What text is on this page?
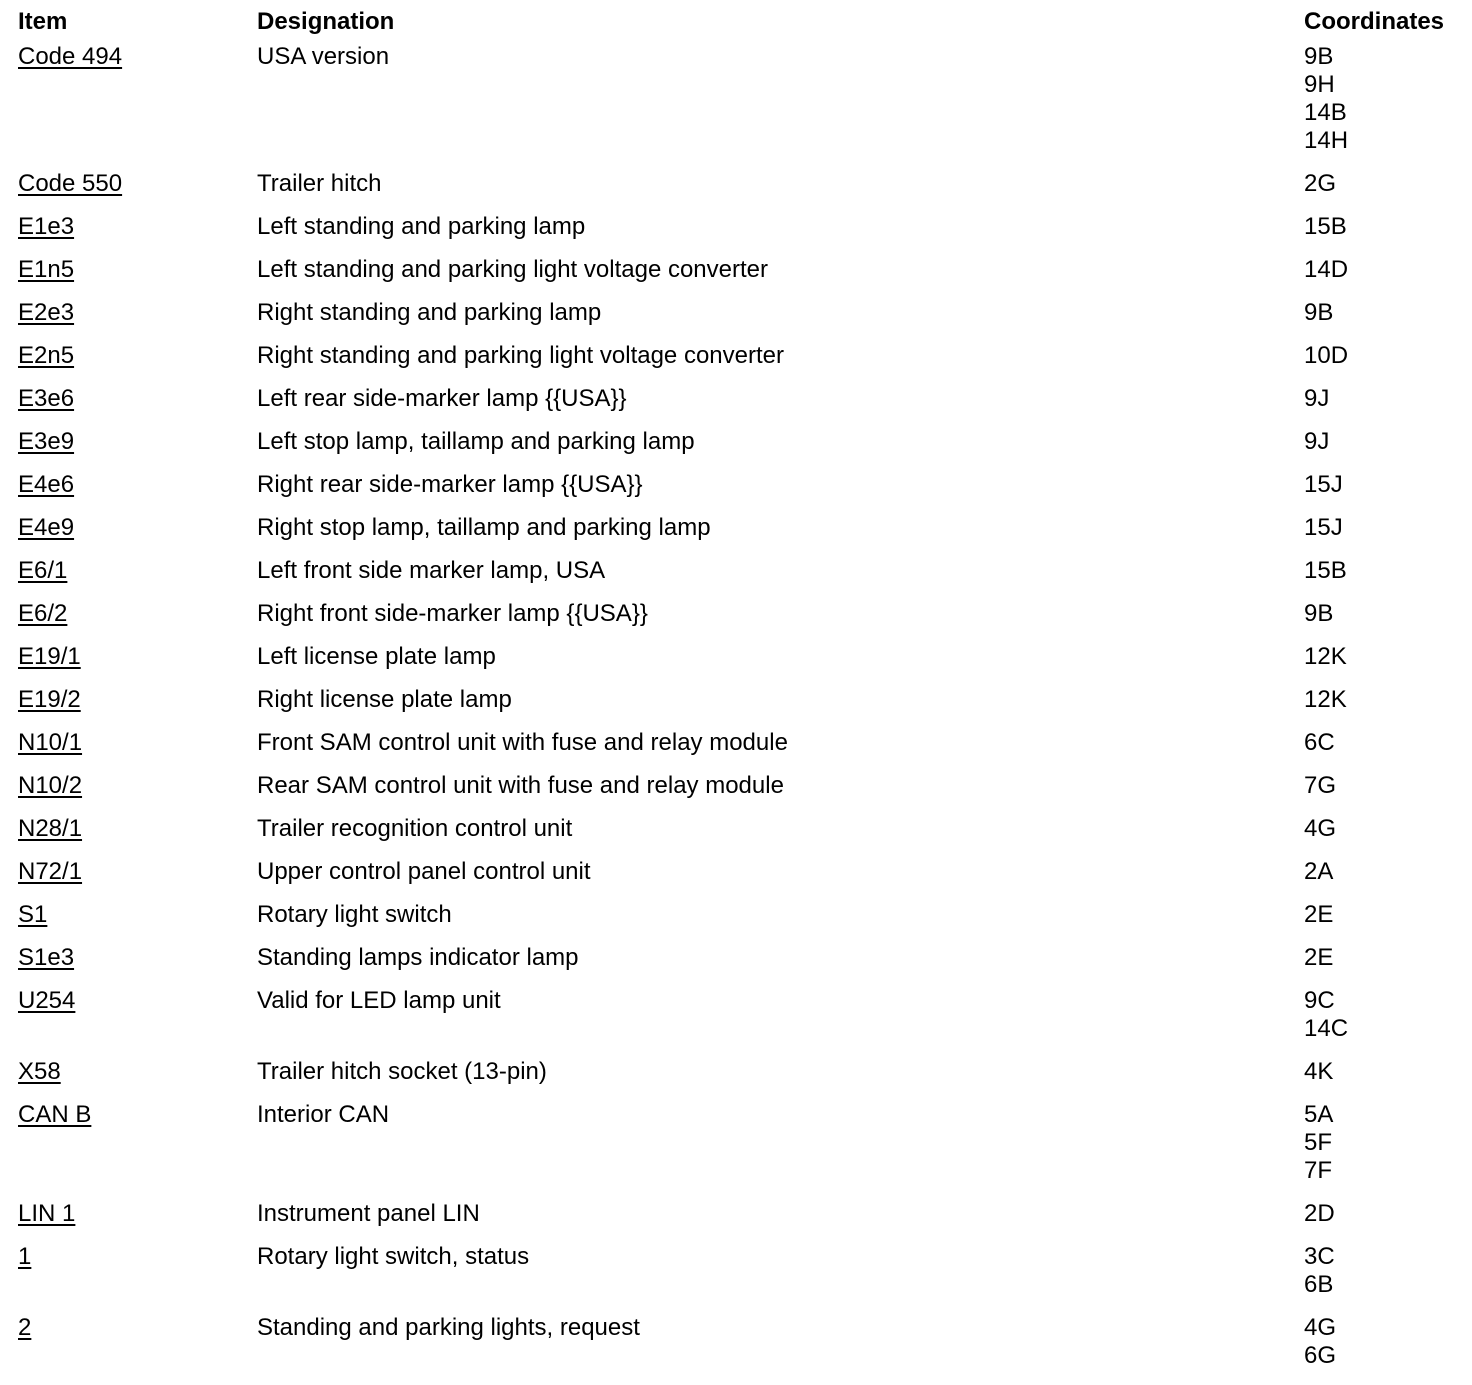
Item	Designation	Coordinates
Code 494	USA version	9B
9H
14B
14H
Code 550	Trailer hitch	2G
E1e3	Left standing and parking lamp	15B
E1n5	Left standing and parking light voltage converter	14D
E2e3	Right standing and parking lamp	9B
E2n5	Right standing and parking light voltage converter	10D
E3e6	Left rear side-marker lamp {{USA}}	9J
E3e9	Left stop lamp, taillamp and parking lamp	9J
E4e6	Right rear side-marker lamp {{USA}}	15J
E4e9	Right stop lamp, taillamp and parking lamp	15J
E6/1	Left front side marker lamp, USA	15B
E6/2	Right front side-marker lamp {{USA}}	9B
E19/1	Left license plate lamp	12K
E19/2	Right license plate lamp	12K
N10/1	Front SAM control unit with fuse and relay module	6C
N10/2	Rear SAM control unit with fuse and relay module	7G
N28/1	Trailer recognition control unit	4G
N72/1	Upper control panel control unit	2A
S1	Rotary light switch	2E
S1e3	Standing lamps indicator lamp	2E
U254	Valid for LED lamp unit	9C
14C
X58	Trailer hitch socket (13-pin)	4K
CAN B	Interior CAN	5A
5F
7F
LIN 1	Instrument panel LIN	2D
1	Rotary light switch, status	3C
6B
2	Standing and parking lights, request	4G
6G
